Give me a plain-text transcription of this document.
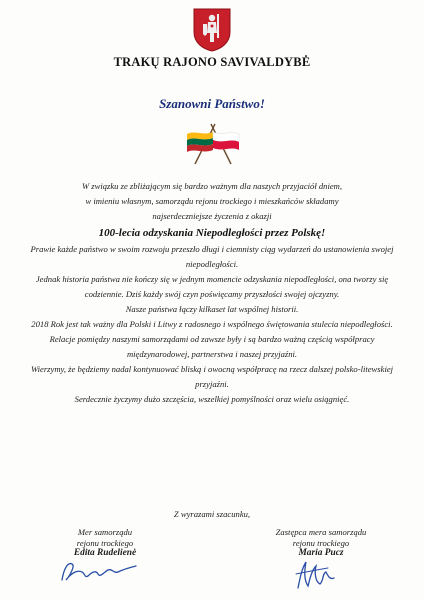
TRAKŲ RAJONO SAVIVALDYBĖ
Szanowni Państwo!

W związku ze zbliżającym się bardzo ważnym dla naszych przyjaciół dniem,

w imieniu własnym, samorządu rejonu trockiego i mieszkańców składamy

najserdeczniejsze życzenia z okazji

100-lecia odzyskania Niepodległości przez Polskę!

Prawie każde państwo w swoim rozwoju przeszło długi i ciemnisty ciąg wydarzeń do ustanowienia swojej niepodległości.

Jednak historia państwa nie kończy się w jednym momencie odzyskania niepodległości, ona tworzy się codziennie. Dziś każdy swój czyn poświęcamy przyszłości swojej ojczyzny.

Nasze państwa łączy kilkaset lat wspólnej historii.

2018 Rok jest tak ważny dla Polski i Litwy z radosnego i wspólnego świętowania stulecia niepodległości.

Relacje pomiędzy naszymi samorządami od zawsze były i są bardzo ważną częścią współpracy międzynarodowej, partnerstwa i naszej przyjaźni.

Wierzymy, że będziemy nadal kontynuować bliską i owocną współpracę na rzecz dalszej polsko-litewskiej przyjaźni.

Serdecznie życzymy dużo szczęścia, wszelkiej pomyślności oraz wielu osiągnięć.

Z wyrazami szacunku,

Mer samorządu

rejonu trockiego

Edita Rudelienė

Zastępca mera samorządu

rejonu trockiego

Maria Pucz
